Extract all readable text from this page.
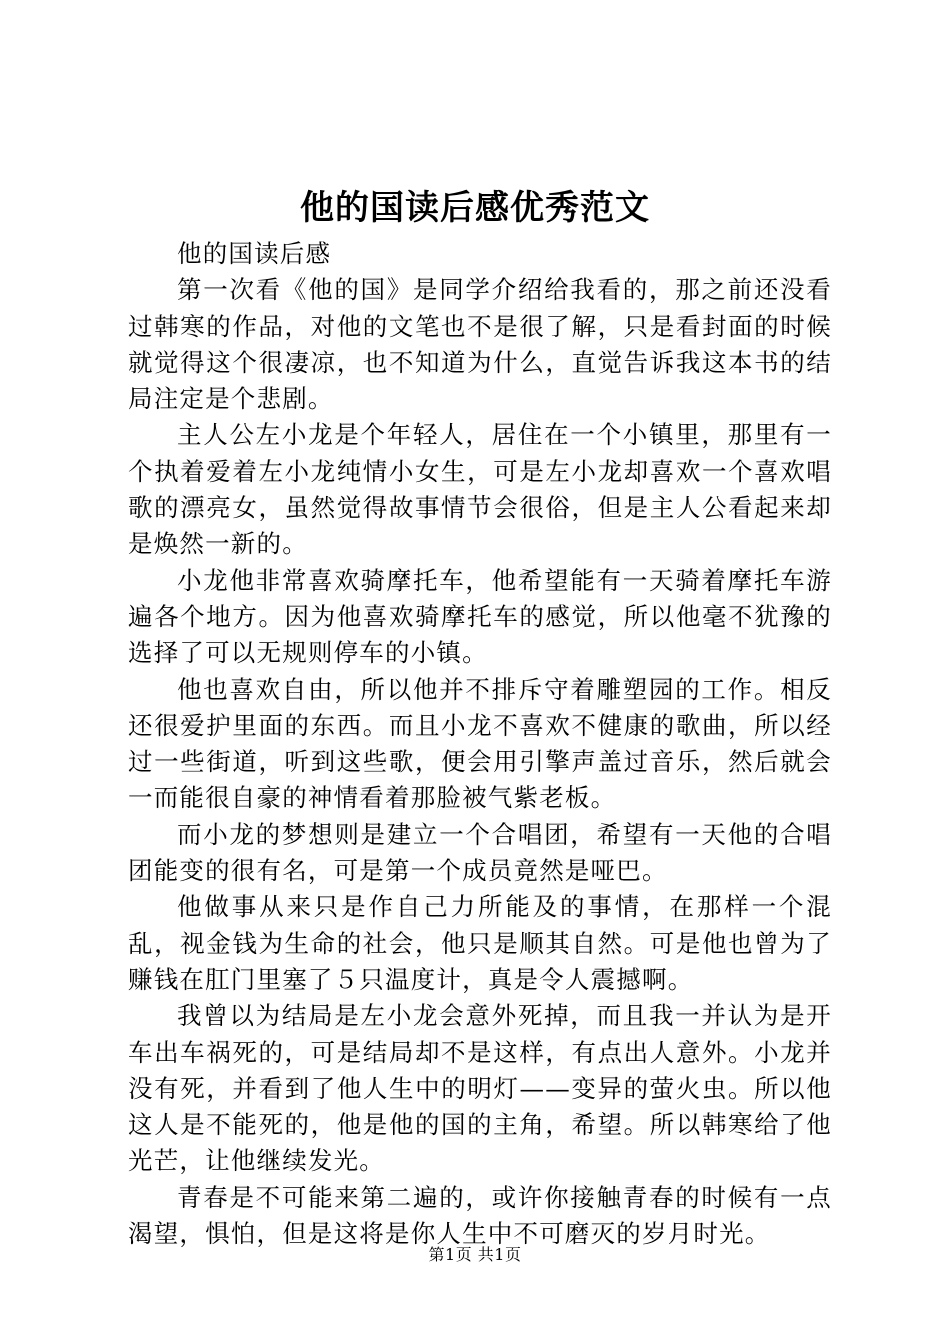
他的国读后感优秀范文

他的国读后感

第一次看《他的国》是同学介绍给我看的，那之前还没看过韩寒的作品，对他的文笔也不是很了解，只是看封面的时候就觉得这个很凄凉，也不知道为什么，直觉告诉我这本书的结局注定是个悲剧。

主人公左小龙是个年轻人，居住在一个小镇里，那里有一个执着爱着左小龙纯情小女生，可是左小龙却喜欢一个喜欢唱歌的漂亮女，虽然觉得故事情节会很俗，但是主人公看起来却是焕然一新的。

小龙他非常喜欢骑摩托车，他希望能有一天骑着摩托车游遍各个地方。因为他喜欢骑摩托车的感觉，所以他毫不犹豫的选择了可以无规则停车的小镇。

他也喜欢自由，所以他并不排斥守着雕塑园的工作。相反还很爱护里面的东西。而且小龙不喜欢不健康的歌曲，所以经过一些街道，听到这些歌，便会用引擎声盖过音乐，然后就会一而能很自豪的神情看着那脸被气紫老板。

而小龙的梦想则是建立一个合唱团，希望有一天他的合唱团能变的很有名，可是第一个成员竟然是哑巴。

他做事从来只是作自己力所能及的事情，在那样一个混乱，视金钱为生命的社会，他只是顺其自然。可是他也曾为了赚钱在肛门里塞了５只温度计，真是令人震撼啊。

我曾以为结局是左小龙会意外死掉，而且我一并认为是开车出车祸死的，可是结局却不是这样，有点出人意外。小龙并没有死，并看到了他人生中的明灯——变异的萤火虫。所以他这人是不能死的，他是他的国的主角，希望。所以韩寒给了他光芒，让他继续发光。

青春是不可能来第二遍的，或许你接触青春的时候有一点渴望，惧怕，但是这将是你人生中不可磨灭的岁月时光。

第1页 共1页
